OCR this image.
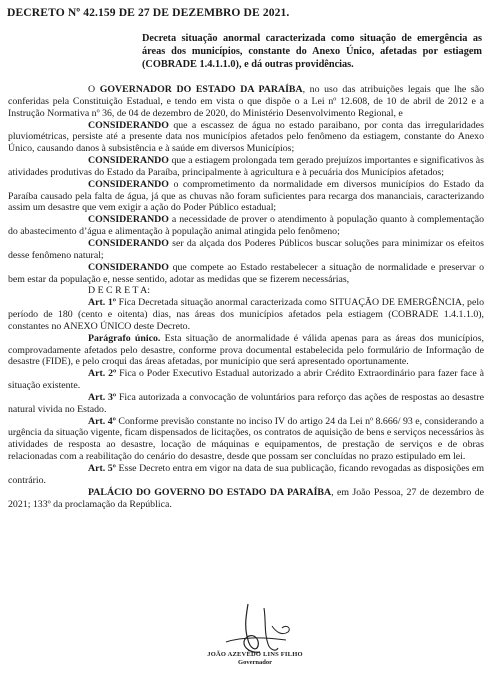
DECRETO Nº 42.159 DE 27 DE DEZEMBRO DE 2021.
Decreta situação anormal caracterizada como situação de emergência as áreas dos municípios, constante do Anexo Único, afetadas por estiagem (COBRADE 1.4.1.1.0), e dá outras providências.

O GOVERNADOR DO ESTADO DA PARAÍBA, no uso das atribuições legais que lhe são conferidas pela Constituição Estadual, e tendo em vista o que dispõe o a Lei nº 12.608, de 10 de abril de 2012 e a Instrução Normativa nº 36, de 04 de dezembro de 2020, do Ministério Desenvolvimento Regional, e

CONSIDERANDO que a escassez de água no estado paraibano, por conta das irregularidades pluviométricas, persiste até a presente data nos municípios afetados pelo fenômeno da estiagem, constante do Anexo Único, causando danos à subsistência e à saúde em diversos Municípios;

CONSIDERANDO que a estiagem prolongada tem gerado prejuízos importantes e significativos às atividades produtivas do Estado da Paraíba, principalmente à agricultura e à pecuária dos Municípios afetados;

CONSIDERANDO o comprometimento da normalidade em diversos municípios do Estado da Paraíba causado pela falta de água, já que as chuvas não foram suficientes para recarga dos mananciais, caracterizando assim um desastre que vem exigir a ação do Poder Público estadual;

CONSIDERANDO a necessidade de prover o atendimento à população quanto à complementação do abastecimento d’água e alimentação à população animal atingida pelo fenômeno;

CONSIDERANDO ser da alçada dos Poderes Públicos buscar soluções para minimizar os efeitos desse fenômeno natural;

CONSIDERANDO que compete ao Estado restabelecer a situação de normalidade e preservar o bem estar da população e, nesse sentido, adotar as medidas que se fizerem necessárias,

D E C R E T A:

Art. 1º Fica Decretada situação anormal caracterizada como SITUAÇÃO DE EMERGÊNCIA, pelo período de 180 (cento e oitenta) dias, nas áreas dos municípios afetados pela estiagem (COBRADE 1.4.1.1.0), constantes no ANEXO ÚNICO deste Decreto.

Parágrafo único. Esta situação de anormalidade é válida apenas para as áreas dos municípios, comprovadamente afetados pelo desastre, conforme prova documental estabelecida pelo formulário de Informação de desastre (FIDE), e pelo croqui das áreas afetadas, por município que será apresentado oportunamente.

Art. 2º Fica o Poder Executivo Estadual autorizado a abrir Crédito Extraordinário para fazer face à situação existente.

Art. 3º Fica autorizada a convocação de voluntários para reforço das ações de respostas ao desastre natural vivida no Estado.

Art. 4º Conforme previsão constante no inciso IV do artigo 24 da Lei nº 8.666/ 93 e, considerando a urgência da situação vigente, ficam dispensados de licitações, os contratos de aquisição de bens e serviços necessários às atividades de resposta ao desastre, locação de máquinas e equipamentos, de prestação de serviços e de obras relacionadas com a reabilitação do cenário do desastre, desde que possam ser concluídas no prazo estipulado em lei.

Art. 5º Esse Decreto entra em vigor na data de sua publicação, ficando revogadas as disposições em contrário.

PALÁCIO DO GOVERNO DO ESTADO DA PARAÍBA, em João Pessoa, 27 de dezembro de 2021; 133º da proclamação da República.

JOÃO AZEVÊDO LINS FILHO
Governador
